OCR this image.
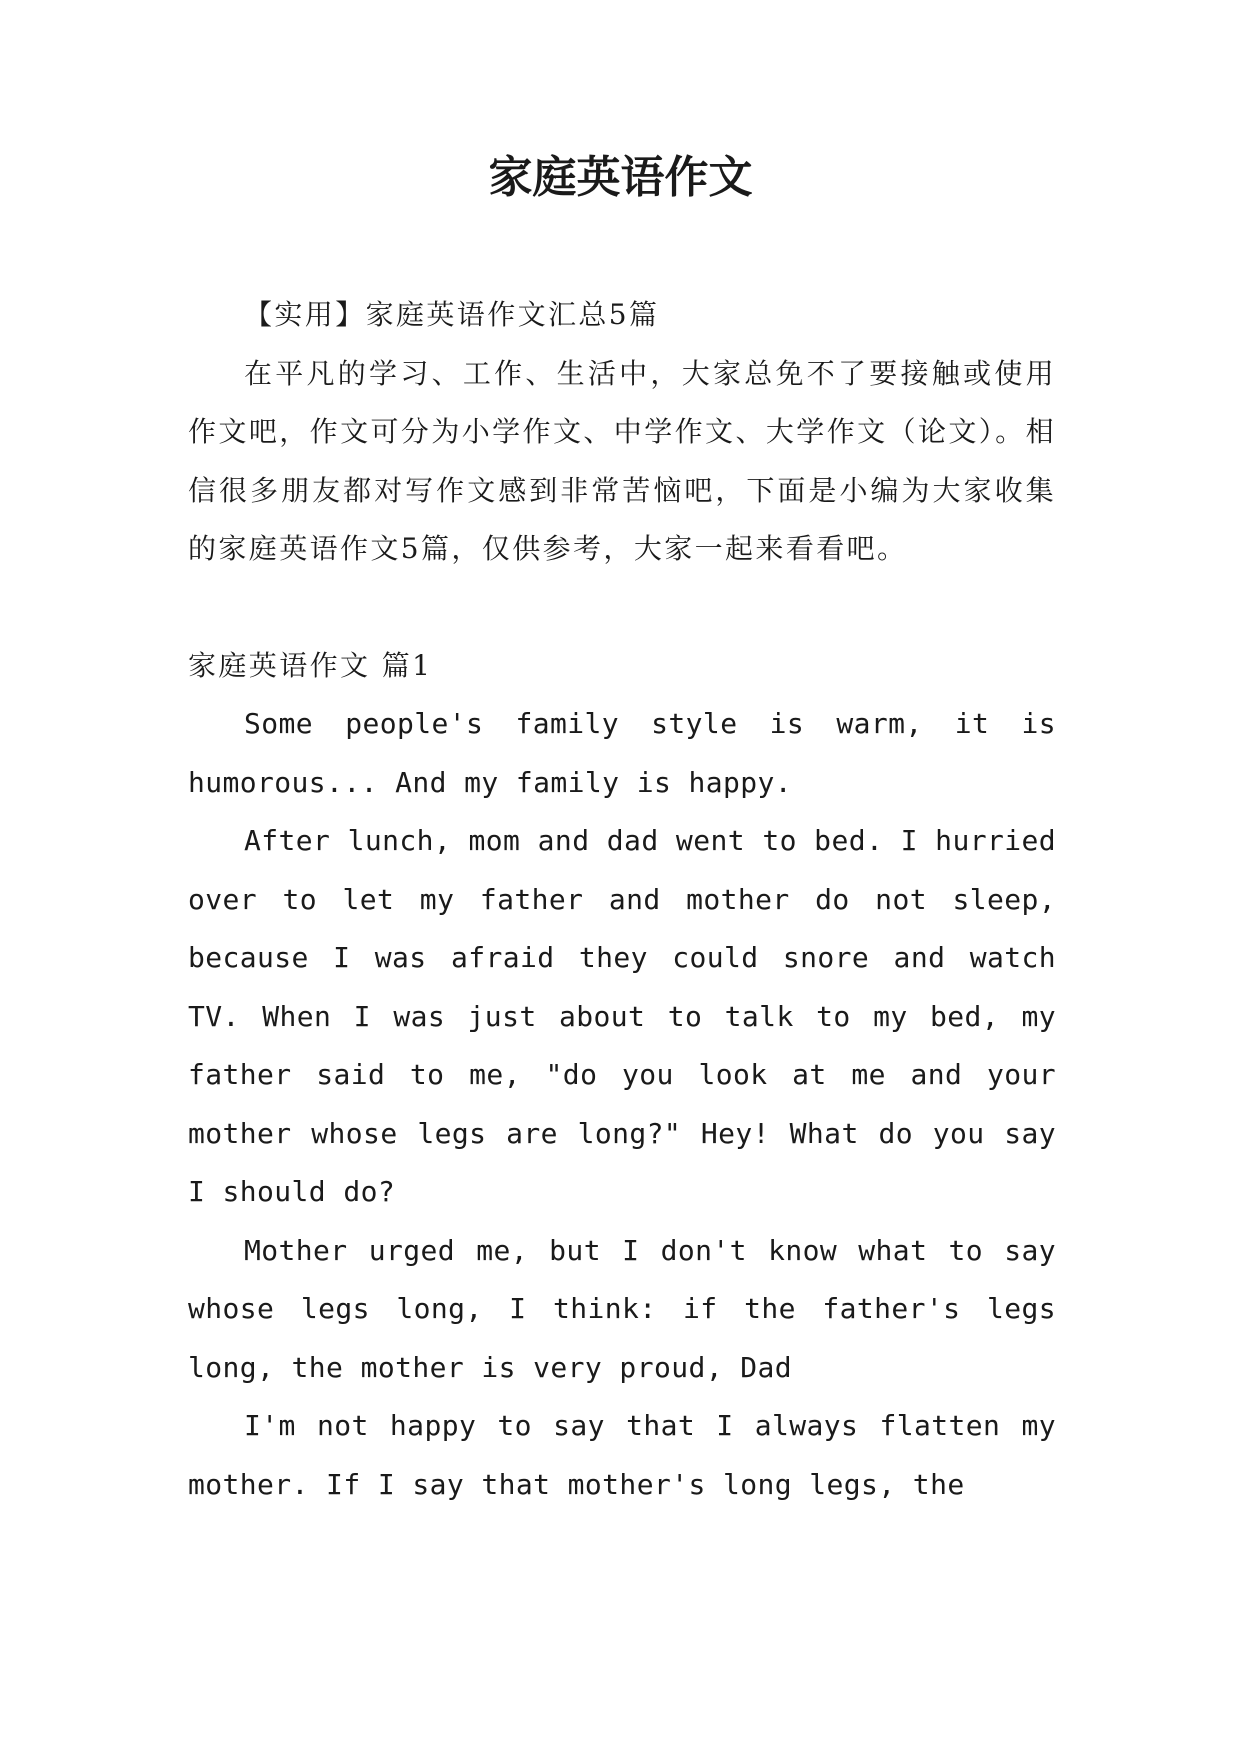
家庭英语作文

【实用】家庭英语作文汇总5篇

在平凡的学习、工作、生活中，大家总免不了要接触或使用作文吧，作文可分为小学作文、中学作文、大学作文（论文）。相信很多朋友都对写作文感到非常苦恼吧，下面是小编为大家收集的家庭英语作文5篇，仅供参考，大家一起来看看吧。

家庭英语作文 篇1

Some people's family style is warm, it is humorous... And my family is happy.

After lunch, mom and dad went to bed. I hurried over to let my father and mother do not sleep, because I was afraid they could snore and watch TV. When I was just about to talk to my bed, my father said to me, "do you look at me and your mother whose legs are long?" Hey! What do you say I should do?

Mother urged me, but I don't know what to say whose legs long, I think: if the father's legs long, the mother is very proud, Dad

I'm not happy to say that I always flatten my mother. If I say that mother's long legs, the
